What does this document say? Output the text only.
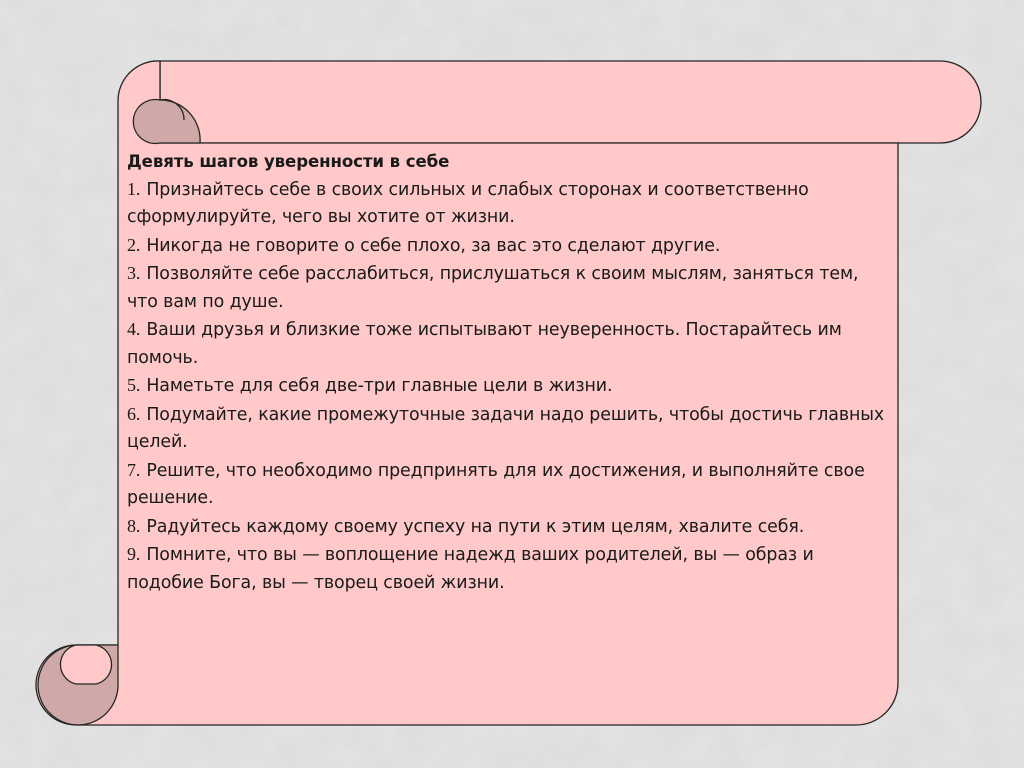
Девять шагов уверенности в себе

1. Признайтесь себе в своих сильных и слабых сторонах и соответственно сформулируйте, чего вы хотите от жизни.

2. Никогда не говорите о себе плохо, за вас это сделают другие.

3. Позволяйте себе расслабиться, прислушаться к своим мыслям, заняться тем, что вам по душе.

4. Ваши друзья и близкие тоже испытывают неуверенность. Постарайтесь им помочь.

5. Наметьте для себя две-три главные цели в жизни.

6. Подумайте, какие промежуточные задачи надо решить, чтобы достичь главных целей.

7. Решите, что необходимо предпринять для их достижения, и выполняйте свое решение.

8. Радуйтесь каждому своему успеху на пути к этим целям, хвалите себя.

9. Помните, что вы — воплощение надежд ваших родителей, вы — образ и подобие Бога, вы — творец своей жизни.
